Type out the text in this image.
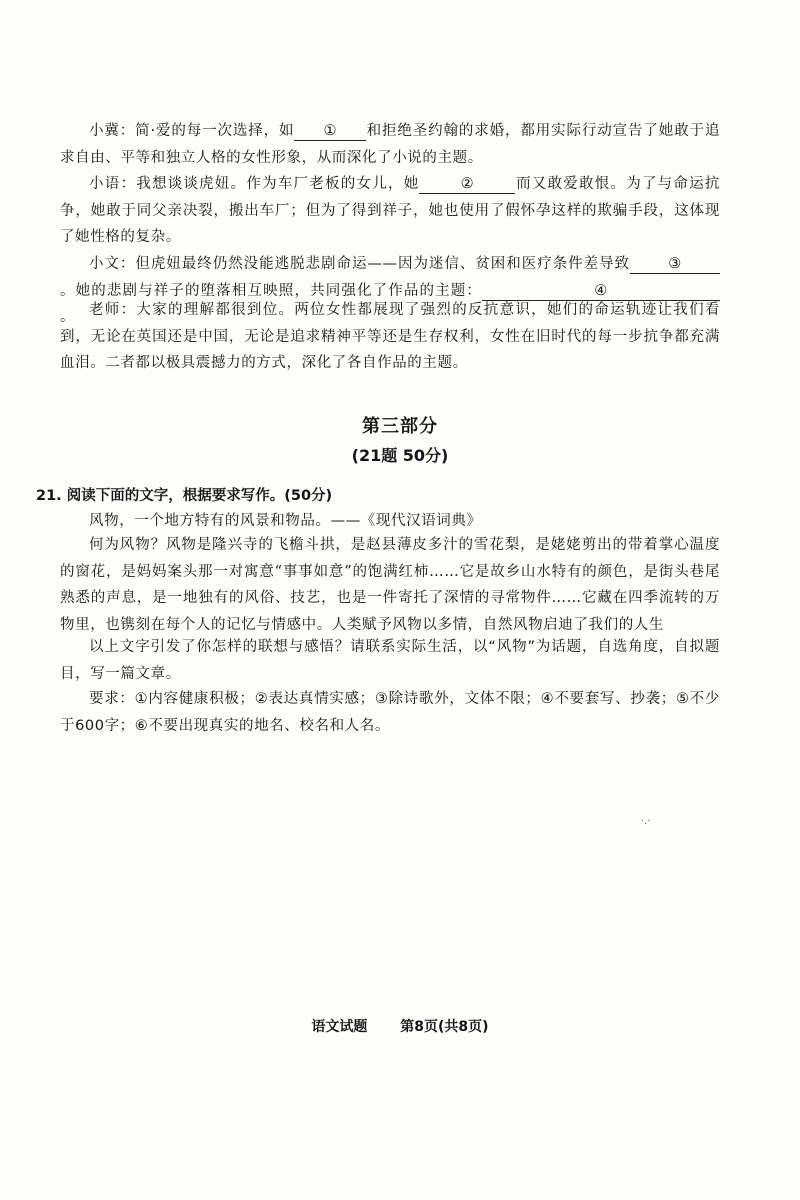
小冀：简·爱的每一次选择，如 ① 和拒绝圣约翰的求婚，都用实际行动宣告了她敢于追求自由、平等和独立人格的女性形象，从而深化了小说的主题。
小语：我想谈谈虎妞。作为车厂老板的女儿，她	②	而又敢爱敢恨。为了与命运抗争，她敢于同父亲决裂，搬出车厂；但为了得到祥子，她也使用了假怀孕这样的欺骗手段，这体现了她性格的复杂。
小文：但虎妞最终仍然没能逃脱悲剧命运——因为迷信、贫困和医疗条件差导致	③。她的悲剧与祥子的堕落相互映照，共同强化了作品的主题：	④。 老师：大家的理解都很到位。两位女性都展现了强烈的反抗意识，她们的命运轨迹让我们看到，无论在英国还是中国，无论是追求精神平等还是生存权利，女性在旧时代的每一步抗争都充满血泪。二者都以极具震撼力的方式，深化了各自作品的主题。
第三部分
(21题 50分)
21. 阅读下面的文字，根据要求写作。(50分)
风物，一个地方特有的风景和物品。——《现代汉语词典》
何为风物？风物是隆兴寺的飞檐斗拱，是赵县薄皮多汁的雪花梨，是姥姥剪出的带着掌心温度的窗花，是妈妈案头那一对寓意“事事如意”的饱满红柿……它是故乡山水特有的颜色，是街头巷尾熟悉的声息，是一地独有的风俗、技艺，也是一件寄托了深情的寻常物件……它藏在四季流转的万物里，也镌刻在每个人的记忆与情感中。人类赋予风物以多情，自然风物启迪了我们的人生
以上文字引发了你怎样的联想与感悟？请联系实际生活，以“风物”为话题，自选角度，自拟题目，写一篇文章。
要求：①内容健康积极；②表达真情实感；③除诗歌外，文体不限；④不要套写、抄袭；⑤不少于600字；⑥不要出现真实的地名、校名和人名。
·.·
语文试题 第8页(共8页)
